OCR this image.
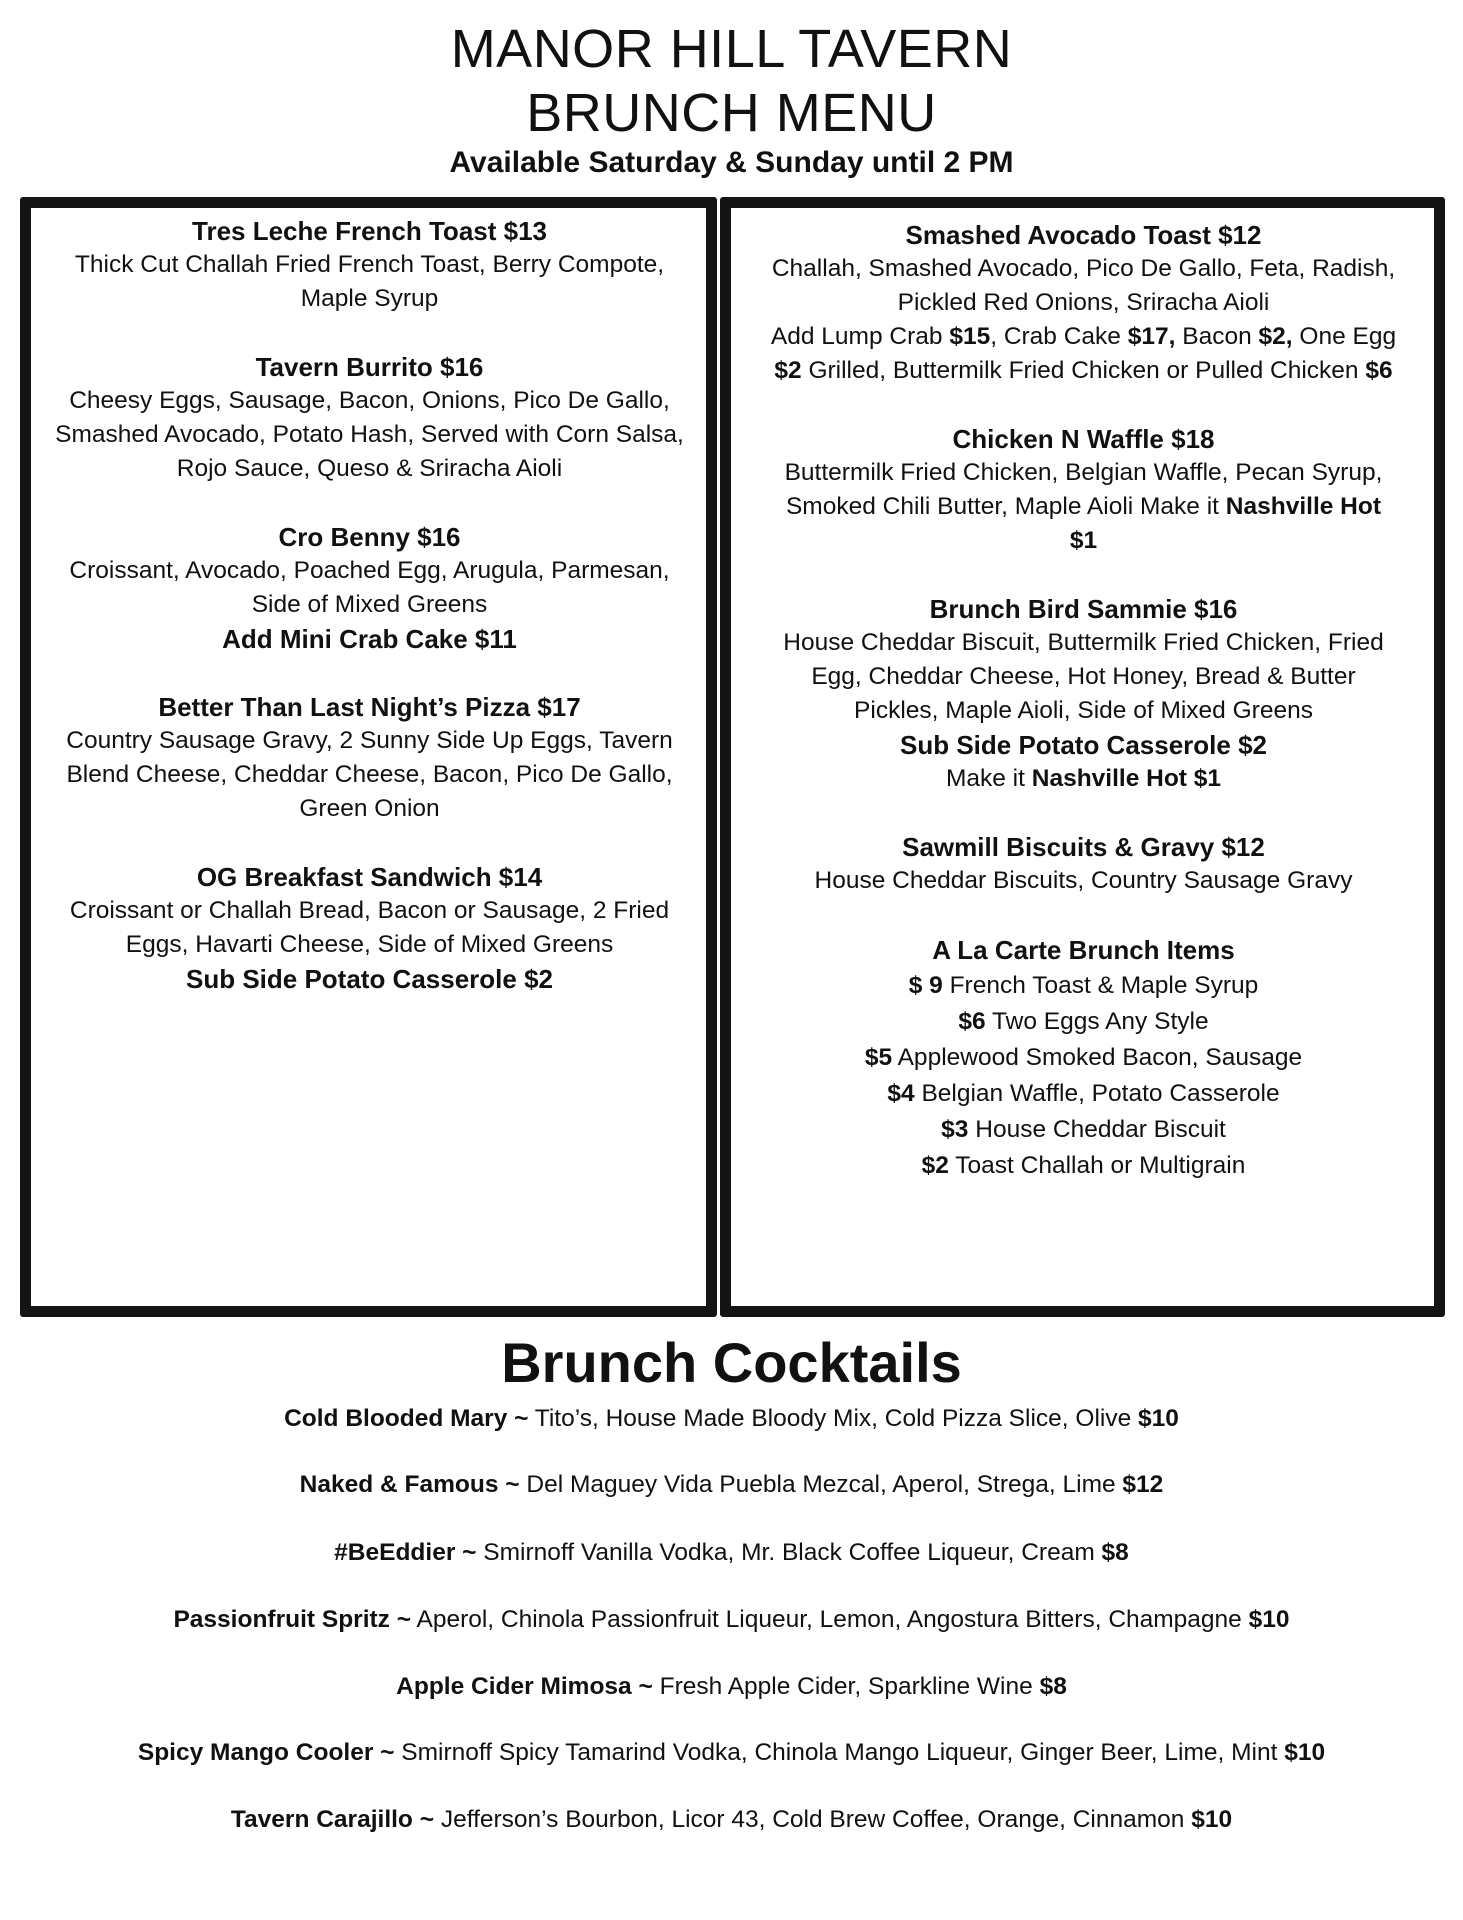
MANOR HILL TAVERN
BRUNCH MENU
Available Saturday & Sunday until 2 PM
Tres Leche French Toast $13
Thick Cut Challah Fried French Toast, Berry Compote,
Maple Syrup
Tavern Burrito $16
Cheesy Eggs, Sausage, Bacon, Onions, Pico De Gallo,
Smashed Avocado, Potato Hash, Served with Corn Salsa,
Rojo Sauce, Queso & Sriracha Aioli
Cro Benny $16
Croissant, Avocado, Poached Egg, Arugula, Parmesan,
Side of Mixed Greens
Add Mini Crab Cake $11
Better Than Last Night’s Pizza $17
Country Sausage Gravy, 2 Sunny Side Up Eggs, Tavern
Blend Cheese, Cheddar Cheese, Bacon, Pico De Gallo,
Green Onion
OG Breakfast Sandwich $14
Croissant or Challah Bread, Bacon or Sausage, 2 Fried
Eggs, Havarti Cheese, Side of Mixed Greens
Sub Side Potato Casserole $2
Smashed Avocado Toast $12
Challah, Smashed Avocado, Pico De Gallo, Feta, Radish,
Pickled Red Onions, Sriracha Aioli
Add Lump Crab $15, Crab Cake $17, Bacon $2, One Egg
$2 Grilled, Buttermilk Fried Chicken or Pulled Chicken $6
Chicken N Waffle $18
Buttermilk Fried Chicken, Belgian Waffle, Pecan Syrup,
Smoked Chili Butter, Maple Aioli Make it Nashville Hot
$1
Brunch Bird Sammie $16
House Cheddar Biscuit, Buttermilk Fried Chicken, Fried
Egg, Cheddar Cheese, Hot Honey, Bread & Butter
Pickles, Maple Aioli, Side of Mixed Greens
Sub Side Potato Casserole $2
Make it Nashville Hot $1
Sawmill Biscuits & Gravy $12
House Cheddar Biscuits, Country Sausage Gravy
A La Carte Brunch Items
$ 9 French Toast & Maple Syrup
$6 Two Eggs Any Style
$5 Applewood Smoked Bacon, Sausage
$4 Belgian Waffle, Potato Casserole
$3 House Cheddar Biscuit
$2 Toast Challah or Multigrain
Brunch Cocktails
Cold Blooded Mary ~ Tito’s, House Made Bloody Mix, Cold Pizza Slice, Olive $10
Naked & Famous ~ Del Maguey Vida Puebla Mezcal, Aperol, Strega, Lime $12
#BeEddier ~ Smirnoff Vanilla Vodka, Mr. Black Coffee Liqueur, Cream $8
Passionfruit Spritz ~ Aperol, Chinola Passionfruit Liqueur, Lemon, Angostura Bitters, Champagne $10
Apple Cider Mimosa ~ Fresh Apple Cider, Sparkline Wine $8
Spicy Mango Cooler ~ Smirnoff Spicy Tamarind Vodka, Chinola Mango Liqueur, Ginger Beer, Lime, Mint $10
Tavern Carajillo ~ Jefferson’s Bourbon, Licor 43, Cold Brew Coffee, Orange, Cinnamon $10
